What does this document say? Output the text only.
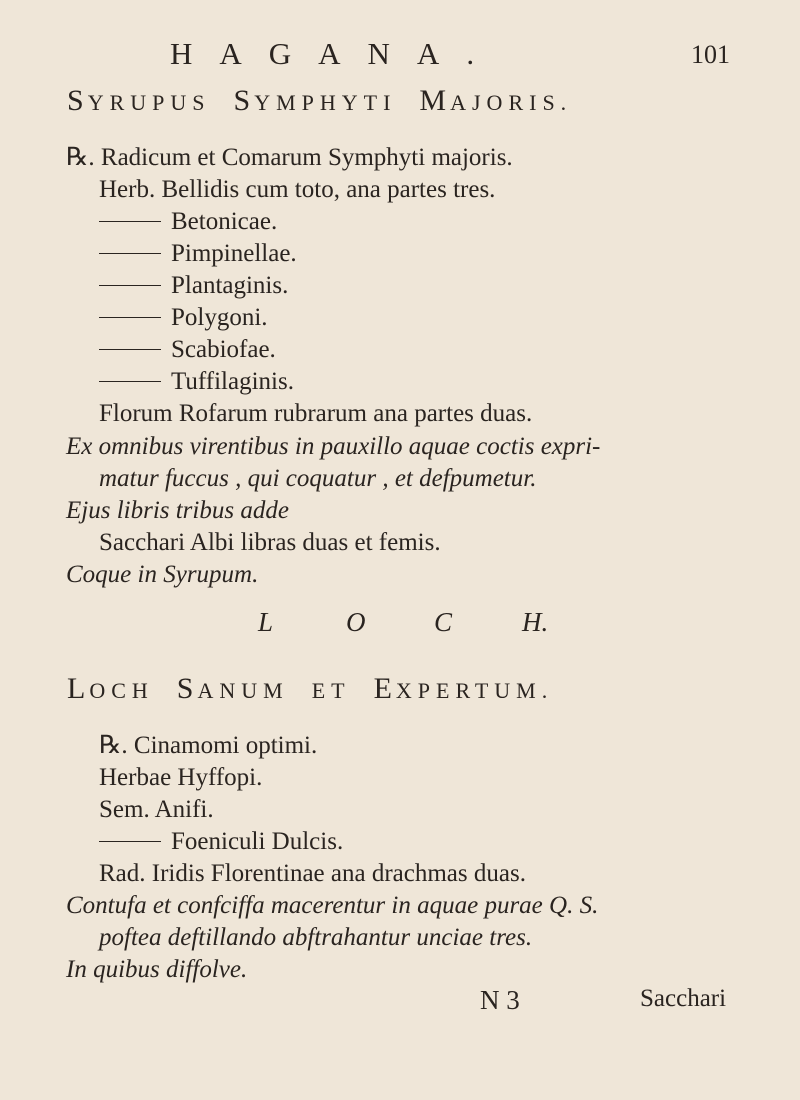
HAGANA.	101
SYRUPUS SYMPHYTI MAJORIS.
℞. Radicum et Comarum Symphyti majoris.
Herb. Bellidis cum toto, ana partes tres.
Betonicae.
Pimpinellae.
Plantaginis.
Polygoni.
Scabiofae.
Tuffilaginis.
Florum Rofarum rubrarum ana partes duas.
Ex omnibus virentibus in pauxillo aquae coctis expri-
matur fuccus , qui coquatur , et defpumetur.
Ejus libris tribus adde
Sacchari Albi libras duas et femis.
Coque in Syrupum.
L	O	C	H.
LOCH SANUM ET EXPERTUM.
℞. Cinamomi optimi.
Herbae Hyffopi.
Sem. Anifi.
Foeniculi Dulcis.
Rad. Iridis Florentinae ana drachmas duas.
Contufa et confciffa macerentur in aquae purae Q. S.
poftea deftillando abftrahantur unciae tres.
In quibus diffolve.
N 3	Sacchari
